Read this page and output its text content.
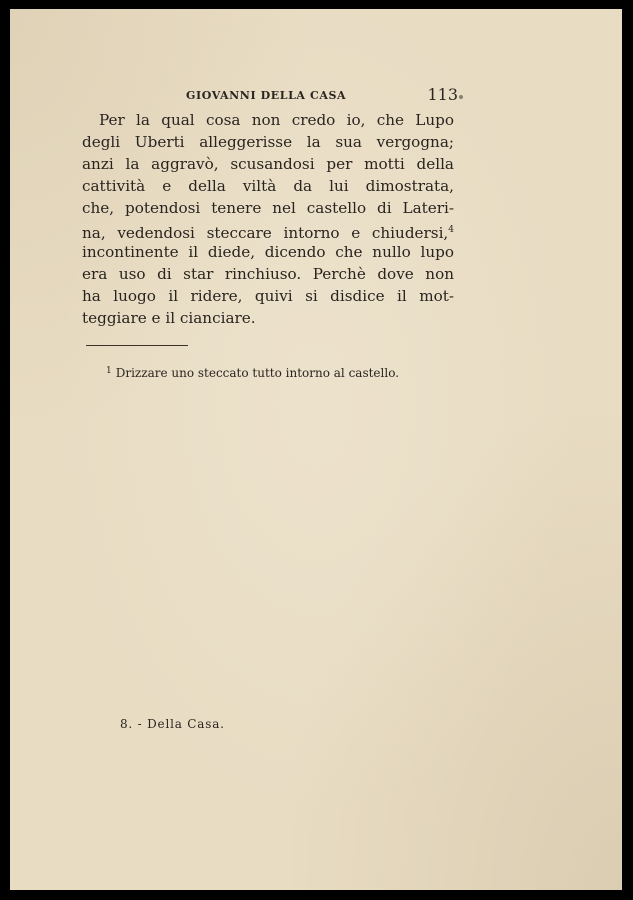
GIOVANNI DELLA CASA	113
Per la qual cosa non credo io, che Lupo
degli Uberti alleggerisse la sua vergogna;
anzi la aggravò, scusandosi per motti della
cattività e della viltà da lui dimostrata,
che, potendosi tenere nel castello di Lateri-
na, vedendosi steccare intorno e chiudersi,$^4$
incontinente il diede, dicendo che nullo lupo
era uso di star rinchiuso. Perchè dove non
ha luogo il ridere, quivi si disdice il mot-
teggiare e il cianciare.
$^1$ Drizzare uno steccato tutto intorno al castello.
8. - Della Casa.
